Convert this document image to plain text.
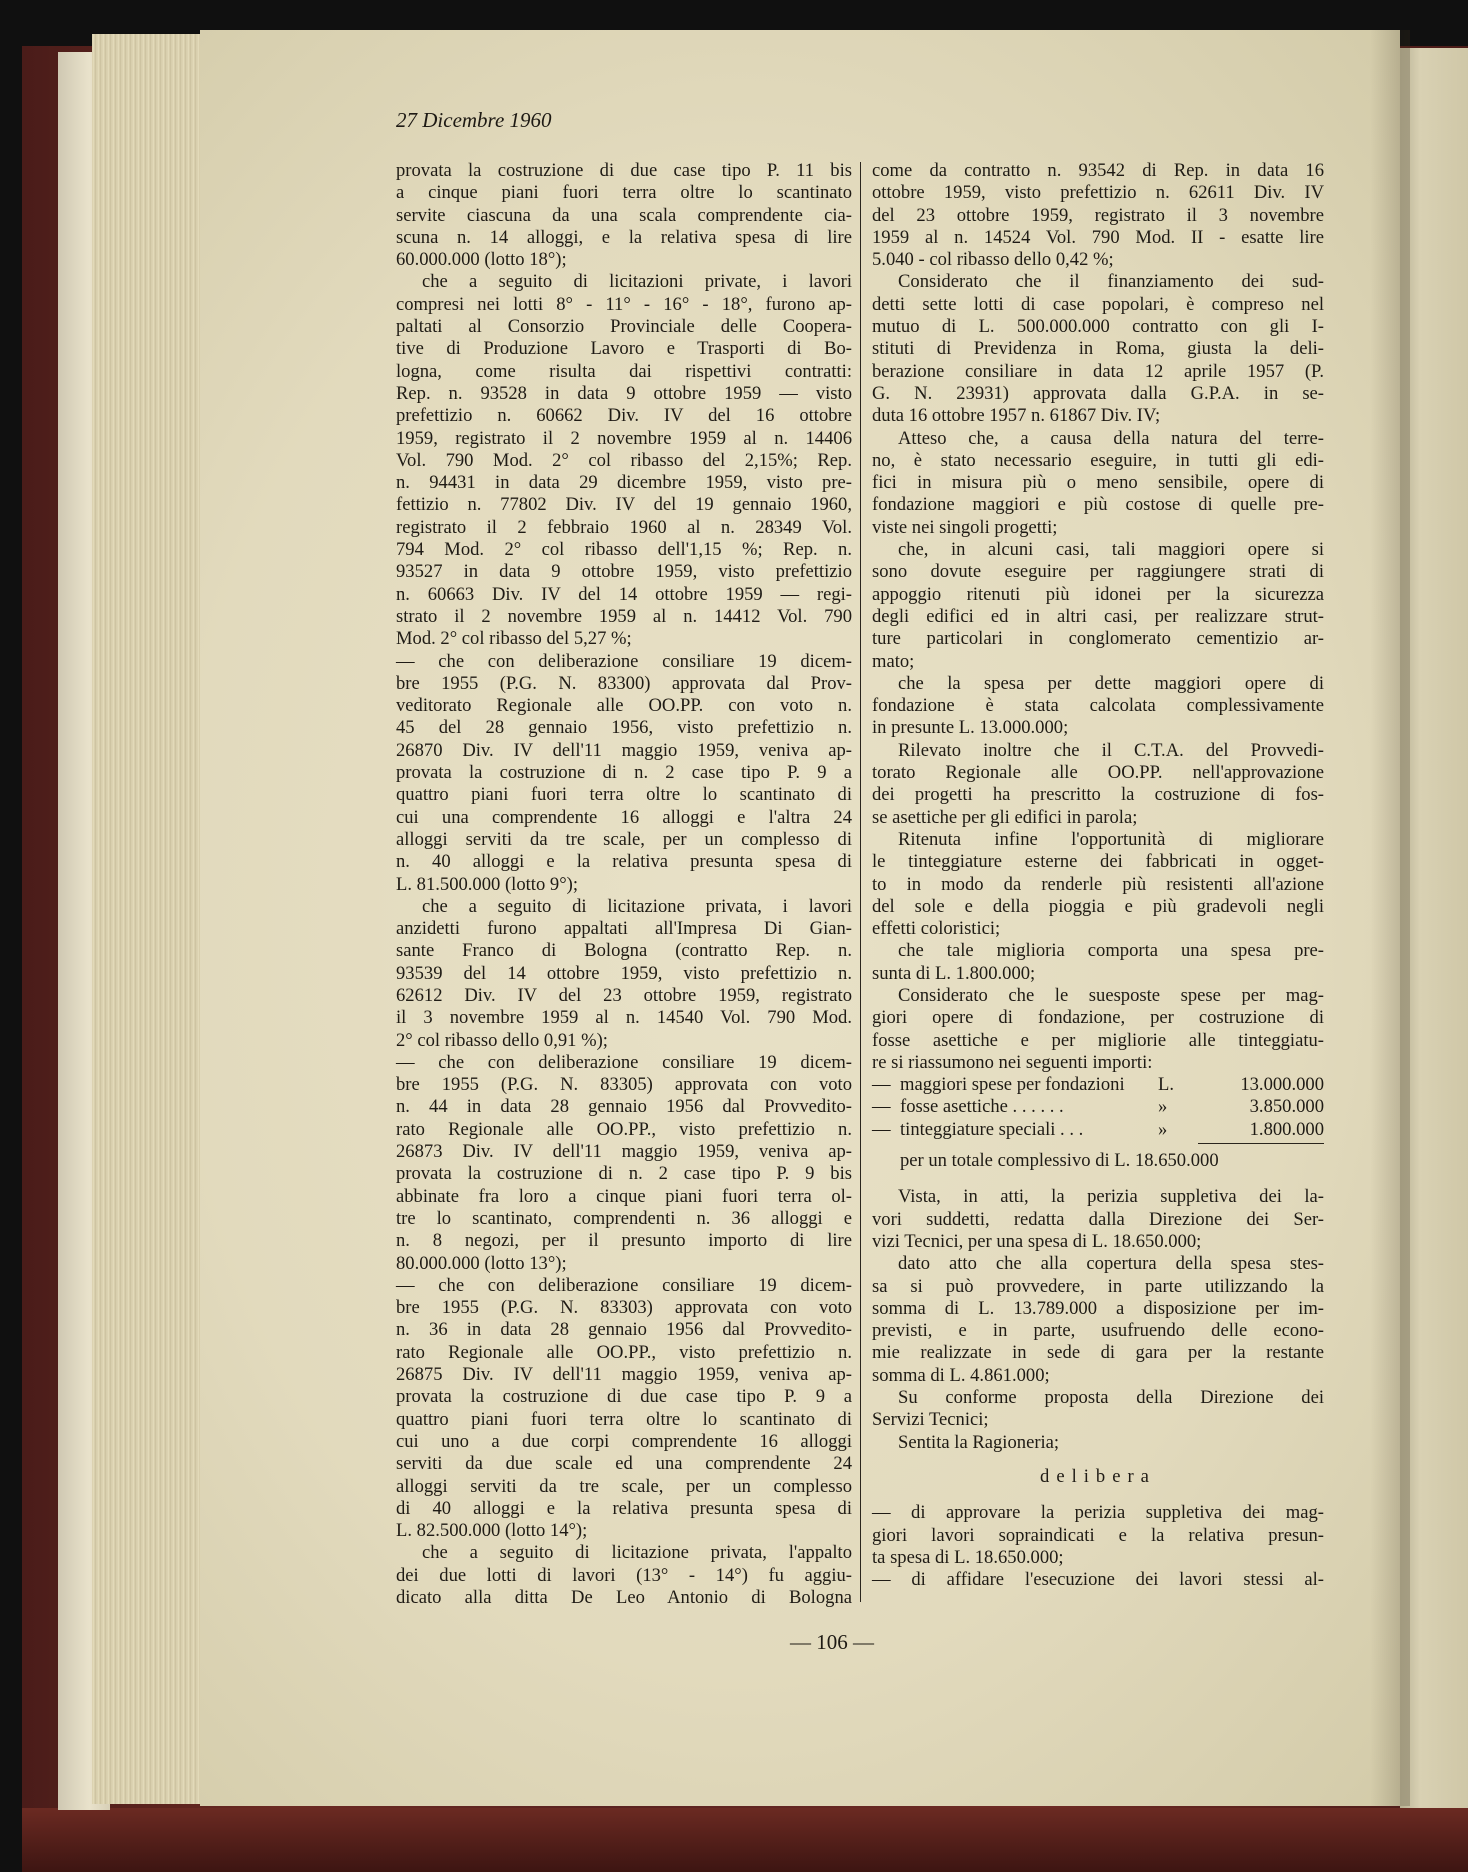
27 Dicembre 1960
provata la costruzione di due case tipo P. 11 bis
a cinque piani fuori terra oltre lo scantinato
servite ciascuna da una scala comprendente cia-
scuna n. 14 alloggi, e la relativa spesa di lire
60.000.000 (lotto 18°);
che a seguito di licitazioni private, i lavori
compresi nei lotti 8° - 11° - 16° - 18°, furono ap-
paltati al Consorzio Provinciale delle Coopera-
tive di Produzione Lavoro e Trasporti di Bo-
logna, come risulta dai rispettivi contratti:
Rep. n. 93528 in data 9 ottobre 1959 — visto
prefettizio n. 60662 Div. IV del 16 ottobre
1959, registrato il 2 novembre 1959 al n. 14406
Vol. 790 Mod. 2° col ribasso del 2,15%; Rep.
n. 94431 in data 29 dicembre 1959, visto pre-
fettizio n. 77802 Div. IV del 19 gennaio 1960,
registrato il 2 febbraio 1960 al n. 28349 Vol.
794 Mod. 2° col ribasso dell'1,15 %; Rep. n.
93527 in data 9 ottobre 1959, visto prefettizio
n. 60663 Div. IV del 14 ottobre 1959 — regi-
strato il 2 novembre 1959 al n. 14412 Vol. 790
Mod. 2° col ribasso del 5,27 %;
— che con deliberazione consiliare 19 dicem-
bre 1955 (P.G. N. 83300) approvata dal Prov-
veditorato Regionale alle OO.PP. con voto n.
45 del 28 gennaio 1956, visto prefettizio n.
26870 Div. IV dell'11 maggio 1959, veniva ap-
provata la costruzione di n. 2 case tipo P. 9 a
quattro piani fuori terra oltre lo scantinato di
cui una comprendente 16 alloggi e l'altra 24
alloggi serviti da tre scale, per un complesso di
n. 40 alloggi e la relativa presunta spesa di
L. 81.500.000 (lotto 9°);
che a seguito di licitazione privata, i lavori
anzidetti furono appaltati all'Impresa Di Gian-
sante Franco di Bologna (contratto Rep. n.
93539 del 14 ottobre 1959, visto prefettizio n.
62612 Div. IV del 23 ottobre 1959, registrato
il 3 novembre 1959 al n. 14540 Vol. 790 Mod.
2° col ribasso dello 0,91 %);
— che con deliberazione consiliare 19 dicem-
bre 1955 (P.G. N. 83305) approvata con voto
n. 44 in data 28 gennaio 1956 dal Provvedito-
rato Regionale alle OO.PP., visto prefettizio n.
26873 Div. IV dell'11 maggio 1959, veniva ap-
provata la costruzione di n. 2 case tipo P. 9 bis
abbinate fra loro a cinque piani fuori terra ol-
tre lo scantinato, comprendenti n. 36 alloggi e
n. 8 negozi, per il presunto importo di lire
80.000.000 (lotto 13°);
— che con deliberazione consiliare 19 dicem-
bre 1955 (P.G. N. 83303) approvata con voto
n. 36 in data 28 gennaio 1956 dal Provvedito-
rato Regionale alle OO.PP., visto prefettizio n.
26875 Div. IV dell'11 maggio 1959, veniva ap-
provata la costruzione di due case tipo P. 9 a
quattro piani fuori terra oltre lo scantinato di
cui uno a due corpi comprendente 16 alloggi
serviti da due scale ed una comprendente 24
alloggi serviti da tre scale, per un complesso
di 40 alloggi e la relativa presunta spesa di
L. 82.500.000 (lotto 14°);
che a seguito di licitazione privata, l'appalto
dei due lotti di lavori (13° - 14°) fu aggiu-
dicato alla ditta De Leo Antonio di Bologna
come da contratto n. 93542 di Rep. in data 16
ottobre 1959, visto prefettizio n. 62611 Div. IV
del 23 ottobre 1959, registrato il 3 novembre
1959 al n. 14524 Vol. 790 Mod. II - esatte lire
5.040 - col ribasso dello 0,42 %;
Considerato che il finanziamento dei sud-
detti sette lotti di case popolari, è compreso nel
mutuo di L. 500.000.000 contratto con gli I-
stituti di Previdenza in Roma, giusta la deli-
berazione consiliare in data 12 aprile 1957 (P.
G. N. 23931) approvata dalla G.P.A. in se-
duta 16 ottobre 1957 n. 61867 Div. IV;
Atteso che, a causa della natura del terre-
no, è stato necessario eseguire, in tutti gli edi-
fici in misura più o meno sensibile, opere di
fondazione maggiori e più costose di quelle pre-
viste nei singoli progetti;
che, in alcuni casi, tali maggiori opere si
sono dovute eseguire per raggiungere strati di
appoggio ritenuti più idonei per la sicurezza
degli edifici ed in altri casi, per realizzare strut-
ture particolari in conglomerato cementizio ar-
mato;
che la spesa per dette maggiori opere di
fondazione è stata calcolata complessivamente
in presunte L. 13.000.000;
Rilevato inoltre che il C.T.A. del Provvedi-
torato Regionale alle OO.PP. nell'approvazione
dei progetti ha prescritto la costruzione di fos-
se asettiche per gli edifici in parola;
Ritenuta infine l'opportunità di migliorare
le tinteggiature esterne dei fabbricati in ogget-
to in modo da renderle più resistenti all'azione
del sole e della pioggia e più gradevoli negli
effetti coloristici;
che tale miglioria comporta una spesa pre-
sunta di L. 1.800.000;
Considerato che le suesposte spese per mag-
giori opere di fondazione, per costruzione di
fosse asettiche e per migliorie alle tinteggiatu-
re si riassumono nei seguenti importi:
— maggiori spese per fondazioni	L.	13.000.000
— fosse asettiche . . . . . .	»	3.850.000
— tinteggiature speciali . . .	»	1.800.000
per un totale complessivo di L. 18.650.000
Vista, in atti, la perizia suppletiva dei la-
vori suddetti, redatta dalla Direzione dei Ser-
vizi Tecnici, per una spesa di L. 18.650.000;
dato atto che alla copertura della spesa stes-
sa si può provvedere, in parte utilizzando la
somma di L. 13.789.000 a disposizione per im-
previsti, e in parte, usufruendo delle econo-
mie realizzate in sede di gara per la restante
somma di L. 4.861.000;
Su conforme proposta della Direzione dei
Servizi Tecnici;
Sentita la Ragioneria;
delibera
— di approvare la perizia suppletiva dei mag-
giori lavori sopraindicati e la relativa presun-
ta spesa di L. 18.650.000;
— di affidare l'esecuzione dei lavori stessi al-
— 106 —
